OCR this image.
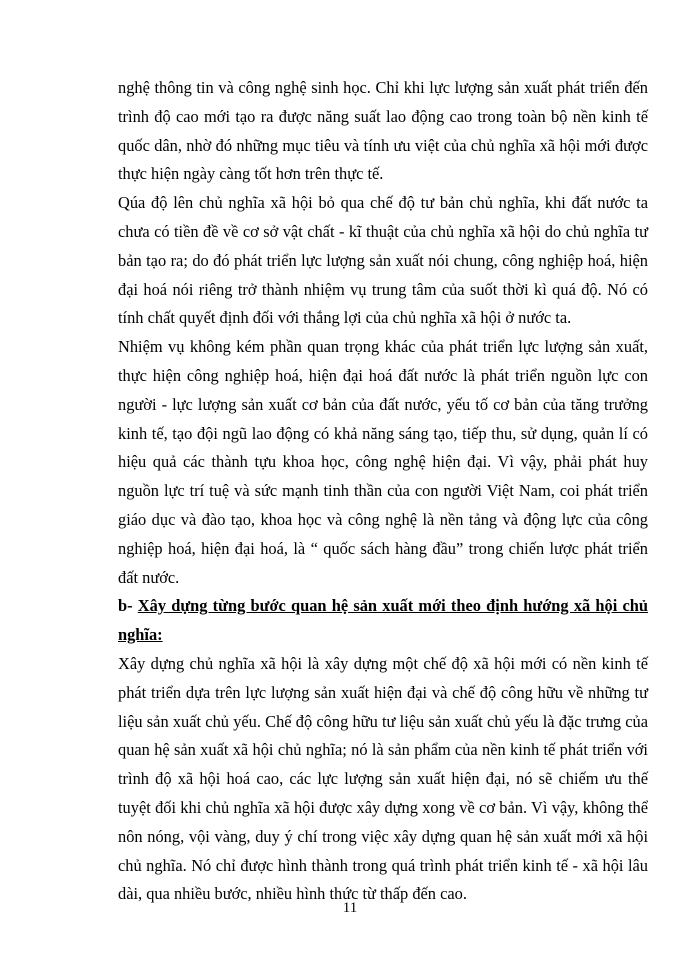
nghệ thông tin và công nghệ sinh học. Chỉ khi lực lượng sản xuất phát triển đến trình độ cao mới tạo ra được năng suất lao động cao trong toàn bộ nền kinh tế quốc dân, nhờ đó những mục tiêu và tính ưu việt của chủ nghĩa xã hội mới được thực hiện ngày càng tốt hơn trên thực tế.

Qúa độ lên chủ nghĩa xã hội bỏ qua chế độ tư bản chủ nghĩa, khi đất nước ta chưa có tiền đề về cơ sở vật chất - kĩ thuật của chủ nghĩa xã hội do chủ nghĩa tư bản tạo ra; do đó phát triển lực lượng sản xuất nói chung, công nghiệp hoá, hiện đại hoá nói riêng trở thành nhiệm vụ trung tâm của suốt thời kì quá độ. Nó có tính chất quyết định đối với thắng lợi của chủ nghĩa xã hội ở nước ta.

Nhiệm vụ không kém phần quan trọng khác của phát triển lực lượng sản xuất, thực hiện công nghiệp hoá, hiện đại hoá đất nước là phát triển nguồn lực con người - lực lượng sản xuất cơ bản của đất nước, yếu tố cơ bản của tăng trưởng kinh tế, tạo đội ngũ lao động có khả năng sáng tạo, tiếp thu, sử dụng, quản lí có hiệu quả các thành tựu khoa học, công nghệ hiện đại. Vì vậy, phải phát huy nguồn lực trí tuệ và sức mạnh tinh thần của con người Việt Nam, coi phát triển giáo dục và đào tạo, khoa học và công nghệ là nền tảng và động lực của công nghiệp hoá, hiện đại hoá, là “ quốc sách hàng đầu” trong chiến lược phát triển đất nước.

b- Xây dựng từng bước quan hệ sản xuất mới theo định hướng xã hội chủ nghĩa:

Xây dựng chủ nghĩa xã hội là xây dựng một chế độ xã hội mới có nền kinh tế phát triển dựa trên lực lượng sản xuất hiện đại và chế độ công hữu về những tư liệu sản xuất chủ yếu. Chế độ công hữu tư liệu sản xuất chủ yếu là đặc trưng của quan hệ sản xuất xã hội chủ nghĩa; nó là sản phẩm của nền kinh tế phát triển với trình độ xã hội hoá cao, các lực lượng sản xuất hiện đại, nó sẽ chiếm ưu thế tuyệt đối khi chủ nghĩa xã hội được xây dựng xong về cơ bản. Vì vậy, không thể nôn nóng, vội vàng, duy ý chí trong việc xây dựng quan hệ sản xuất mới xã hội chủ nghĩa. Nó chỉ được hình thành trong quá trình phát triển kinh tế - xã hội lâu dài, qua nhiều bước, nhiều hình thức từ thấp đến cao.

11
